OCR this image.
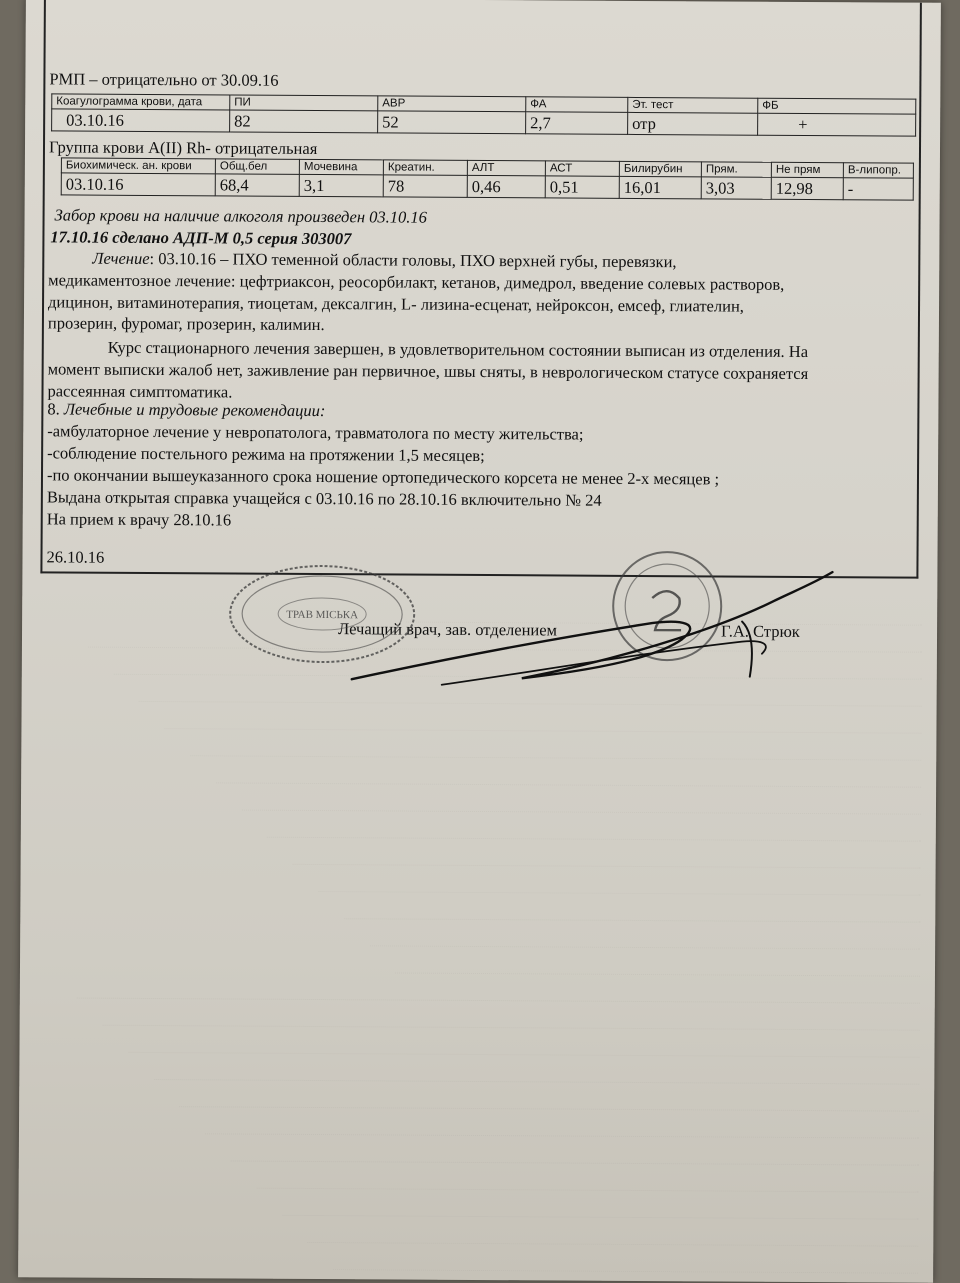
РМП – отрицательно от 30.09.16
Коагулограмма крови, дата	ПИ	АВР	ФА	Эт. тест	ФБ
03.10.16	82	52	2,7	отр	+
Группа крови A(II) Rh- отрицательная
Биохимическ. ан. крови	Общ.бел	Мочевина	Креатин.	АЛТ	АСТ	Билирубин	Прям.	Не прям	В-липопр.
03.10.16	68,4	3,1	78	0,46	0,51	16,01	3,03	12,98	-
Забор крови на наличие алкоголя произведен 03.10.16
17.10.16 сделано АДП-М 0,5 серия 303007
Лечение: 03.10.16 – ПХО теменной области головы, ПХО верхней губы, перевязки,
медикаментозное лечение: цефтриаксон, реосорбилакт, кетанов, димедрол, введение солевых растворов,
дицинон, витаминотерапия, тиоцетам, дексалгин, L- лизина-есценат, нейроксон, емсеф, глиателин,
прозерин, фуромаг, прозерин, калимин.
Курс стационарного лечения завершен, в удовлетворительном состоянии выписан из отделения. На
момент выписки жалоб нет, заживление ран первичное, швы сняты, в неврологическом статусе сохраняется
рассеянная симптоматика.
8. Лечебные и трудовые рекомендации:
-амбулаторное лечение у невропатолога, травматолога по месту жительства;
-соблюдение постельного режима на протяжении 1,5 месяцев;
-по окончании вышеуказанного срока ношение ортопедического корсета не менее 2-х месяцев ;
Выдана открытая справка учащейся с 03.10.16 по 28.10.16 включительно № 24
На прием к врачу 28.10.16
26.10.16
Лечащий врач, зав. отделением	Г.А. Стрюк
ТРАВ МІСЬКА
